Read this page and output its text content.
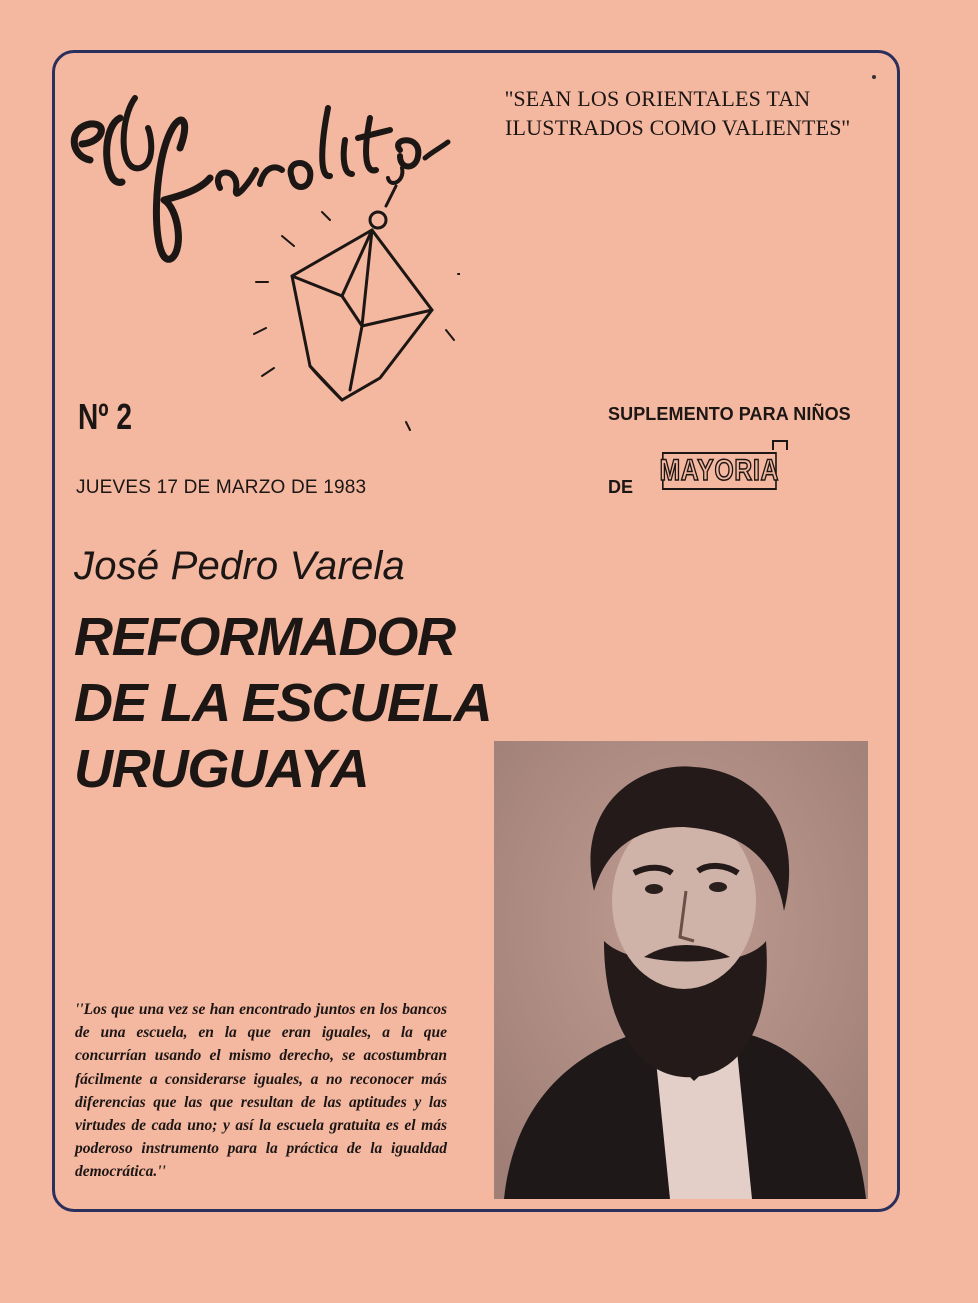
''SEAN LOS ORIENTALES TAN ILUSTRADOS COMO VALIENTES''
Nº 2
JUEVES 17 DE MARZO DE 1983
SUPLEMENTO PARA NIÑOS
DE MAYORIA
José Pedro Varela
REFORMADOR
DE LA ESCUELA
URUGUAYA
''Los que una vez se han encontrado juntos en los bancos de una escuela, en la que eran iguales, a la que concurrían usando el mismo derecho, se acostumbran fácilmente a considerarse iguales, a no reconocer más diferencias que las que resultan de las aptitudes y las virtudes de cada uno; y así la escuela gratuita es el más poderoso instrumento para la práctica de la igualdad democrática.''
